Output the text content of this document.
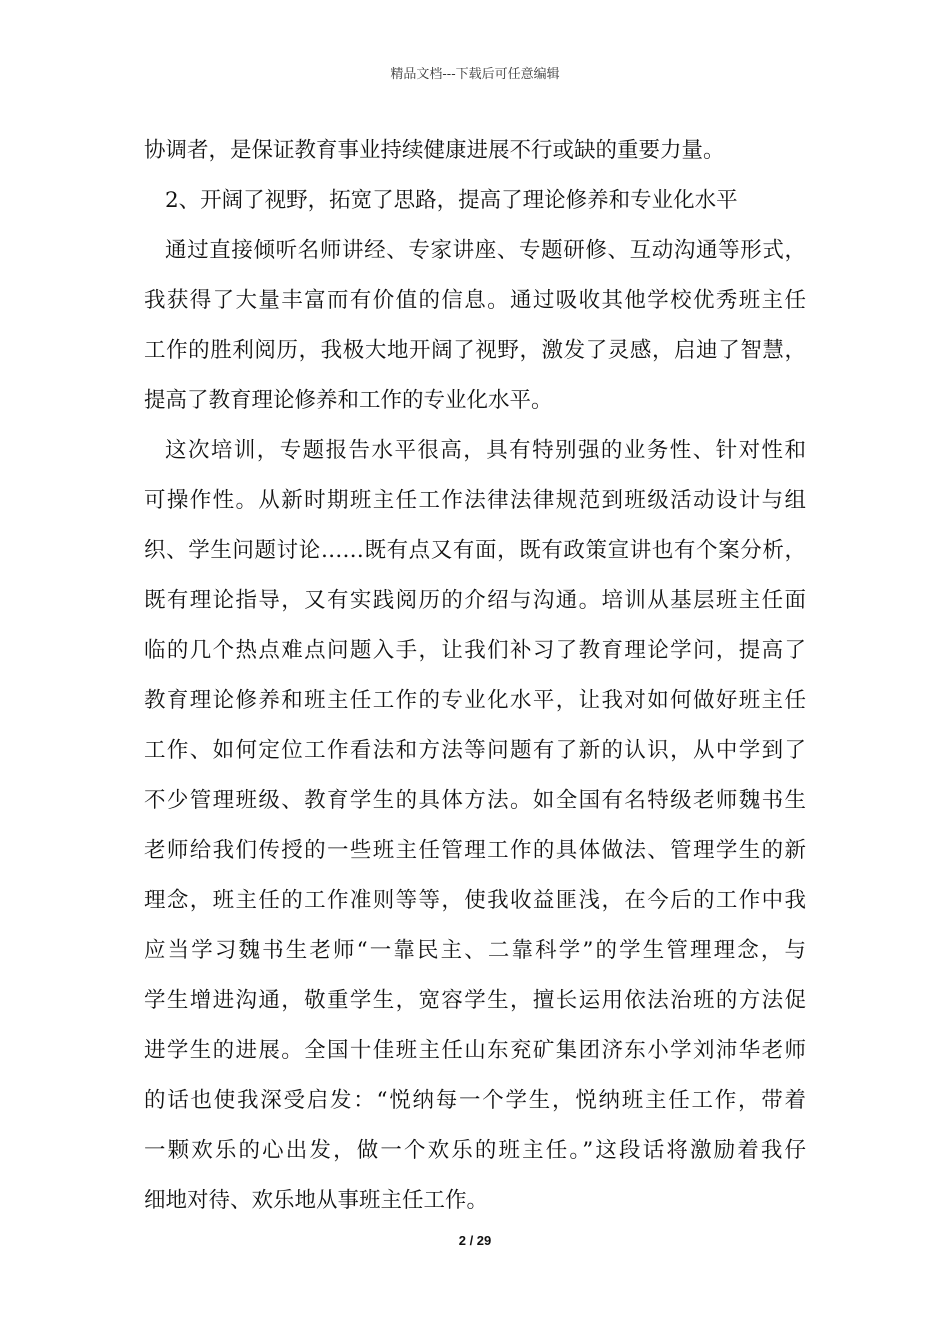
精品文档---下载后可任意编辑
协调者，是保证教育事业持续健康进展不行或缺的重要力量。
2、开阔了视野，拓宽了思路，提高了理论修养和专业化水平
通过直接倾听名师讲经、专家讲座、专题研修、互动沟通等形式，
我获得了大量丰富而有价值的信息。通过吸收其他学校优秀班主任
工作的胜利阅历，我极大地开阔了视野，激发了灵感，启迪了智慧，
提高了教育理论修养和工作的专业化水平。
这次培训，专题报告水平很高，具有特别强的业务性、针对性和
可操作性。从新时期班主任工作法律法律规范到班级活动设计与组
织、学生问题讨论……既有点又有面，既有政策宣讲也有个案分析，
既有理论指导，又有实践阅历的介绍与沟通。培训从基层班主任面
临的几个热点难点问题入手，让我们补习了教育理论学问，提高了
教育理论修养和班主任工作的专业化水平，让我对如何做好班主任
工作、如何定位工作看法和方法等问题有了新的认识，从中学到了
不少管理班级、教育学生的具体方法。如全国有名特级老师魏书生
老师给我们传授的一些班主任管理工作的具体做法、管理学生的新
理念，班主任的工作准则等等，使我收益匪浅，在今后的工作中我
应当学习魏书生老师“一靠民主、二靠科学”的学生管理理念，与
学生增进沟通，敬重学生，宽容学生，擅长运用依法治班的方法促
进学生的进展。全国十佳班主任山东兖矿集团济东小学刘沛华老师
的话也使我深受启发：“悦纳每一个学生，悦纳班主任工作，带着
一颗欢乐的心出发，做一个欢乐的班主任。”这段话将激励着我仔
细地对待、欢乐地从事班主任工作。
2 / 29
